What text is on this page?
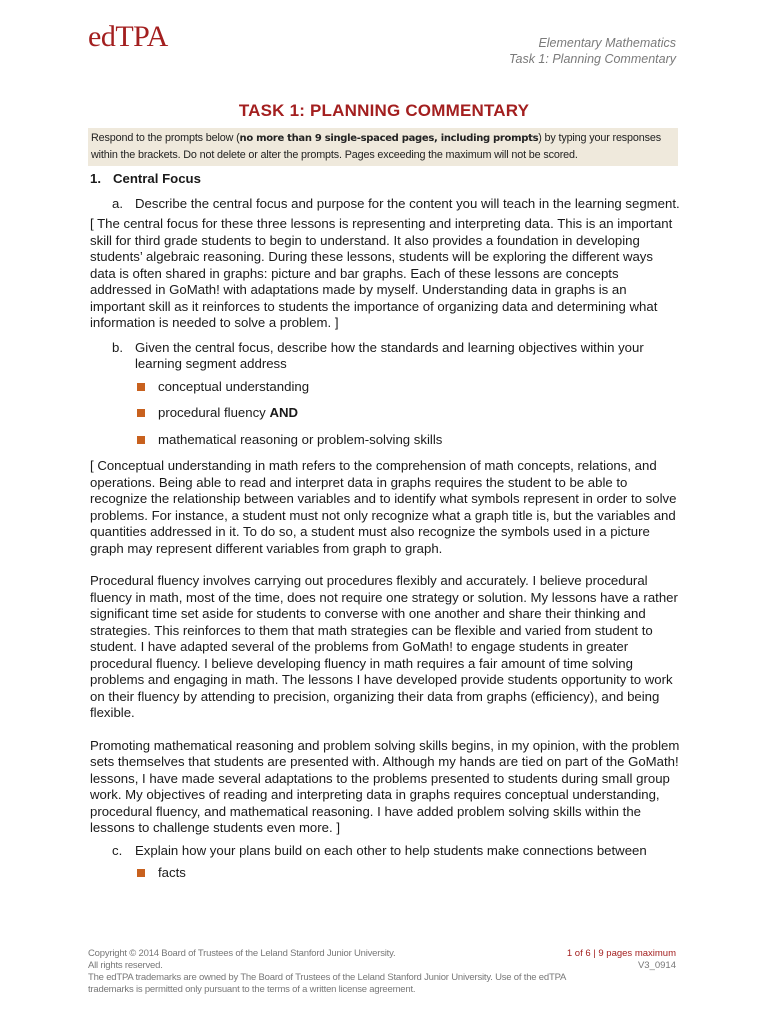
edTPA	Elementary Mathematics
Task 1: Planning Commentary
TASK 1: PLANNING COMMENTARY
Respond to the prompts below (no more than 9 single-spaced pages, including prompts) by typing your responses within the brackets. Do not delete or alter the prompts. Pages exceeding the maximum will not be scored.
1. Central Focus
a. Describe the central focus and purpose for the content you will teach in the learning segment.
[ The central focus for these three lessons is representing and interpreting data. This is an important skill for third grade students to begin to understand. It also provides a foundation in developing students’ algebraic reasoning. During these lessons, students will be exploring the different ways data is often shared in graphs: picture and bar graphs. Each of these lessons are concepts addressed in GoMath! with adaptations made by myself. Understanding data in graphs is an important skill as it reinforces to students the importance of organizing data and determining what information is needed to solve a problem. ]
b. Given the central focus, describe how the standards and learning objectives within your learning segment address
conceptual understanding
procedural fluency AND
mathematical reasoning or problem-solving skills
[ Conceptual understanding in math refers to the comprehension of math concepts, relations, and operations. Being able to read and interpret data in graphs requires the student to be able to recognize the relationship between variables and to identify what symbols represent in order to solve problems. For instance, a student must not only recognize what a graph title is, but the variables and quantities addressed in it. To do so, a student must also recognize the symbols used in a picture graph may represent different variables from graph to graph.
Procedural fluency involves carrying out procedures flexibly and accurately. I believe procedural fluency in math, most of the time, does not require one strategy or solution. My lessons have a rather significant time set aside for students to converse with one another and share their thinking and strategies. This reinforces to them that math strategies can be flexible and varied from student to student. I have adapted several of the problems from GoMath! to engage students in greater procedural fluency. I believe developing fluency in math requires a fair amount of time solving problems and engaging in math. The lessons I have developed provide students opportunity to work on their fluency by attending to precision, organizing their data from graphs (efficiency), and being flexible.
Promoting mathematical reasoning and problem solving skills begins, in my opinion, with the problem sets themselves that students are presented with. Although my hands are tied on part of the GoMath! lessons, I have made several adaptations to the problems presented to students during small group work. My objectives of reading and interpreting data in graphs requires conceptual understanding, procedural fluency, and mathematical reasoning. I have added problem solving skills within the lessons to challenge students even more. ]
c. Explain how your plans build on each other to help students make connections between
facts
Copyright © 2014 Board of Trustees of the Leland Stanford Junior University.
All rights reserved.
The edTPA trademarks are owned by The Board of Trustees of the Leland Stanford Junior University. Use of the edTPA trademarks is permitted only pursuant to the terms of a written license agreement.
1 of 6 | 9 pages maximum
V3_0914
